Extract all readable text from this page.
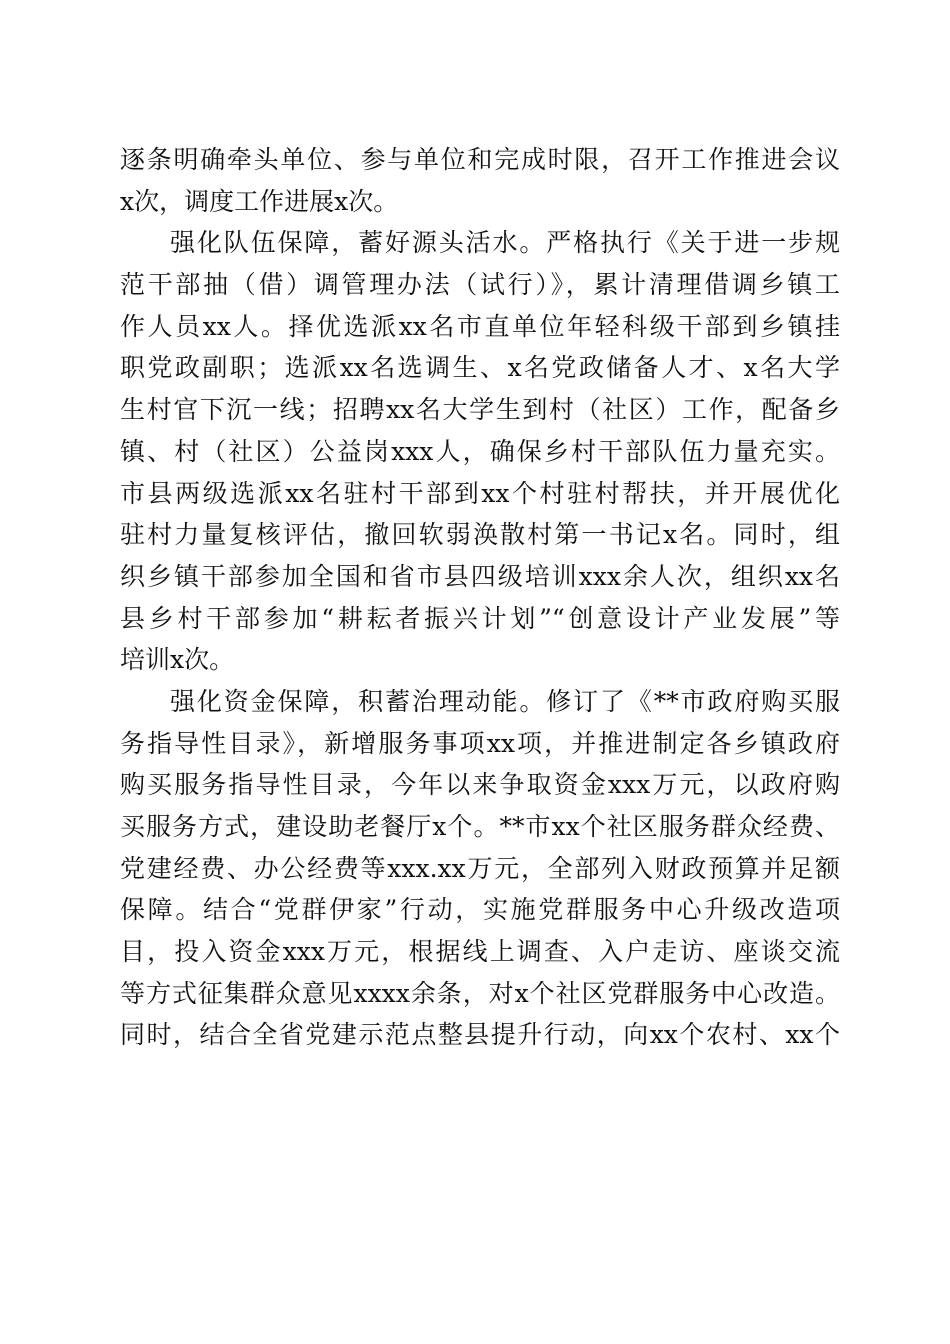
逐条明确牵头单位、参与单位和完成时限，召开工作推进会议
x次，调度工作进展x次。
强化队伍保障，蓄好源头活水。严格执行《关于进一步规
范干部抽（借）调管理办法（试行）》，累计清理借调乡镇工
作人员xx人。择优选派xx名市直单位年轻科级干部到乡镇挂
职党政副职；选派xx名选调生、x名党政储备人才、x名大学
生村官下沉一线；招聘xx名大学生到村（社区）工作，配备乡
镇、村（社区）公益岗xxx人，确保乡村干部队伍力量充实。
市县两级选派xx名驻村干部到xx个村驻村帮扶，并开展优化
驻村力量复核评估，撤回软弱涣散村第一书记x名。同时，组
织乡镇干部参加全国和省市县四级培训xxx余人次，组织xx名
县乡村干部参加“耕耘者振兴计划”“创意设计产业发展”等
培训x次。
强化资金保障，积蓄治理动能。修订了《**市政府购买服
务指导性目录》，新增服务事项xx项，并推进制定各乡镇政府
购买服务指导性目录，今年以来争取资金xxx万元，以政府购
买服务方式，建设助老餐厅x个。**市xx个社区服务群众经费、
党建经费、办公经费等xxx.xx万元，全部列入财政预算并足额
保障。结合“党群伊家”行动，实施党群服务中心升级改造项
目，投入资金xxx万元，根据线上调查、入户走访、座谈交流
等方式征集群众意见xxxx余条，对x个社区党群服务中心改造。
同时，结合全省党建示范点整县提升行动，向xx个农村、xx个
